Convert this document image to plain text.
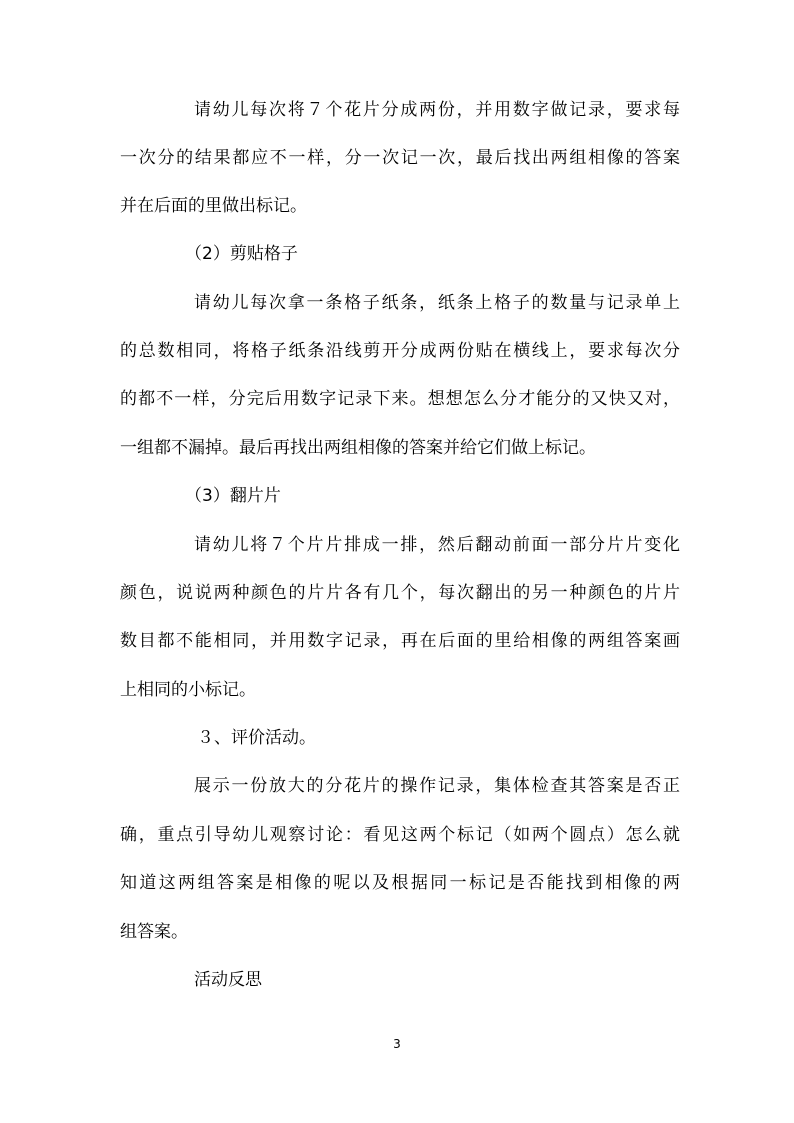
请幼儿每次将７个花片分成两份，并用数字做记录，要求每
一次分的结果都应不一样，分一次记一次，最后找出两组相像的答案
并在后面的里做出标记。
（2）剪贴格子
请幼儿每次拿一条格子纸条，纸条上格子的数量与记录单上
的总数相同，将格子纸条沿线剪开分成两份贴在横线上，要求每次分
的都不一样，分完后用数字记录下来。想想怎么分才能分的又快又对，
一组都不漏掉。最后再找出两组相像的答案并给它们做上标记。
（3）翻片片
请幼儿将７个片片排成一排，然后翻动前面一部分片片变化
颜色，说说两种颜色的片片各有几个，每次翻出的另一种颜色的片片
数目都不能相同，并用数字记录，再在后面的里给相像的两组答案画
上相同的小标记。
３、评价活动。
展示一份放大的分花片的操作记录，集体检查其答案是否正
确，重点引导幼儿观察讨论：看见这两个标记（如两个圆点）怎么就
知道这两组答案是相像的呢以及根据同一标记是否能找到相像的两
组答案。
活动反思
3
